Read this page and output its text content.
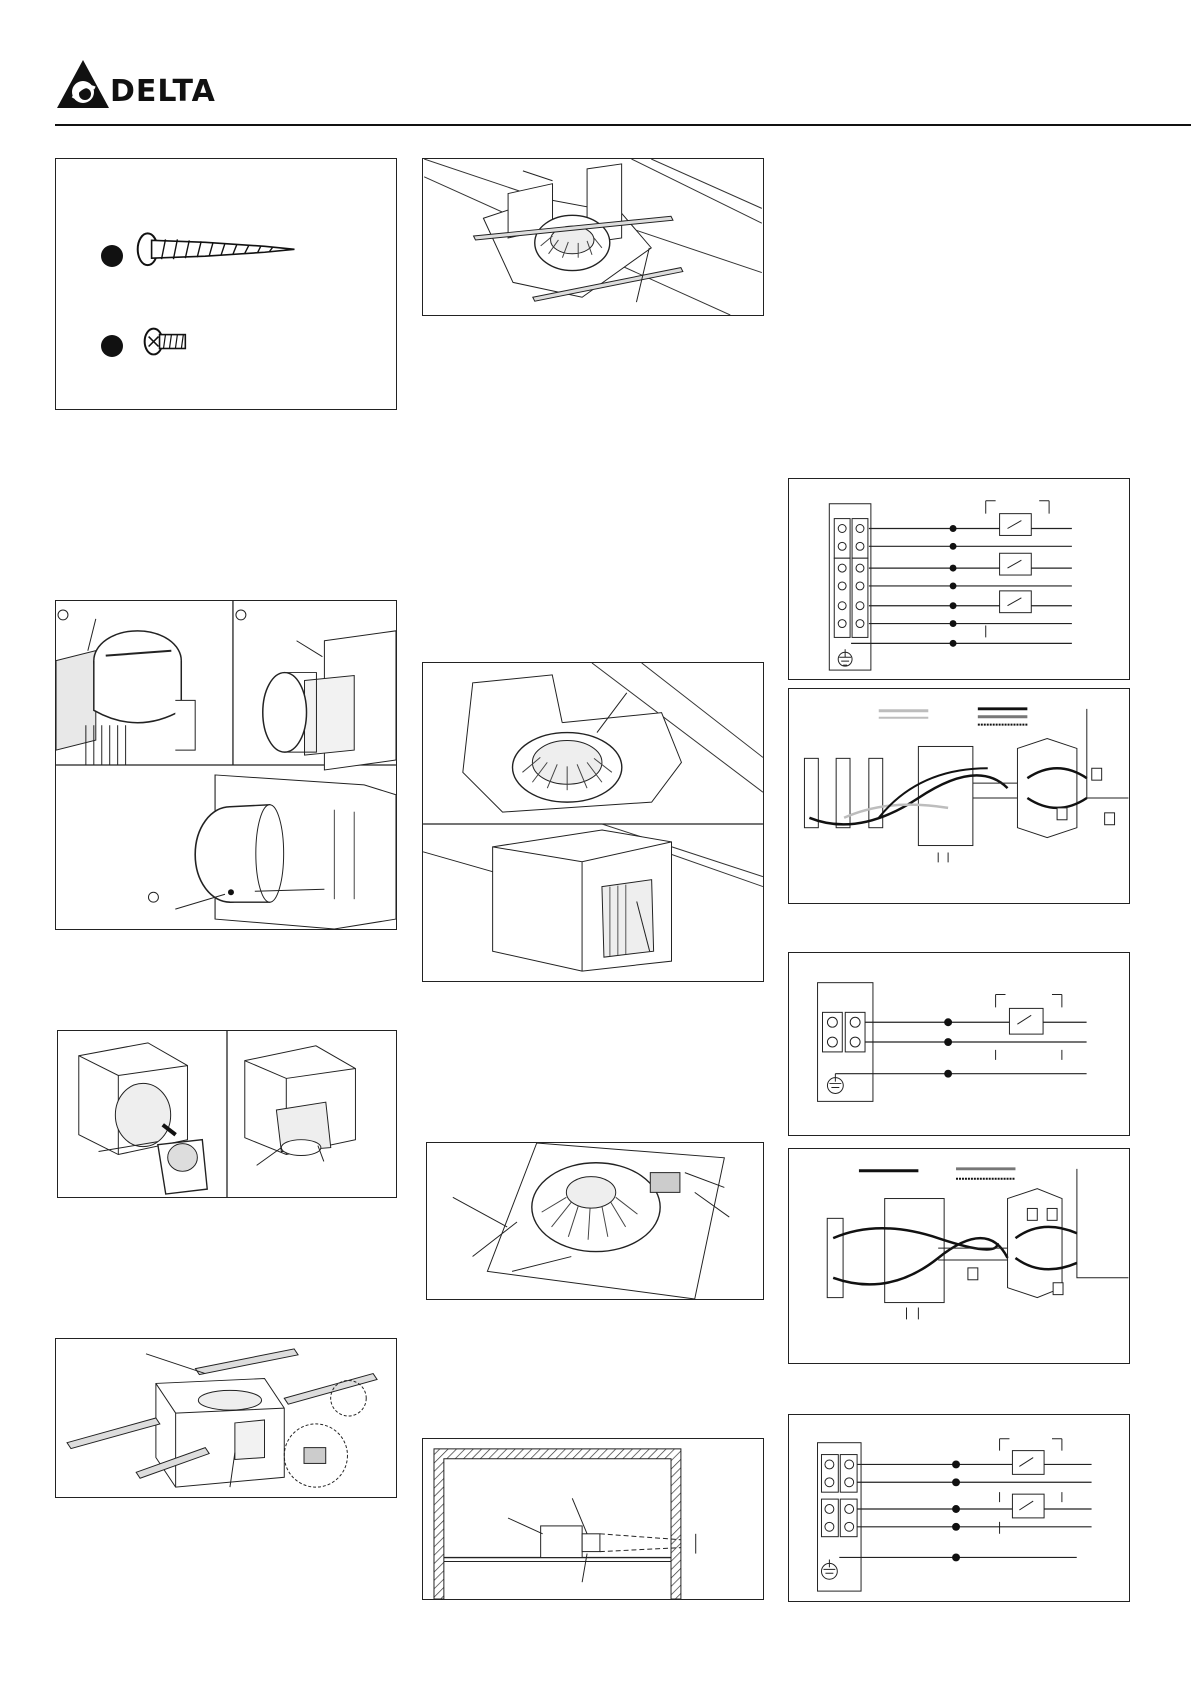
DELTA
